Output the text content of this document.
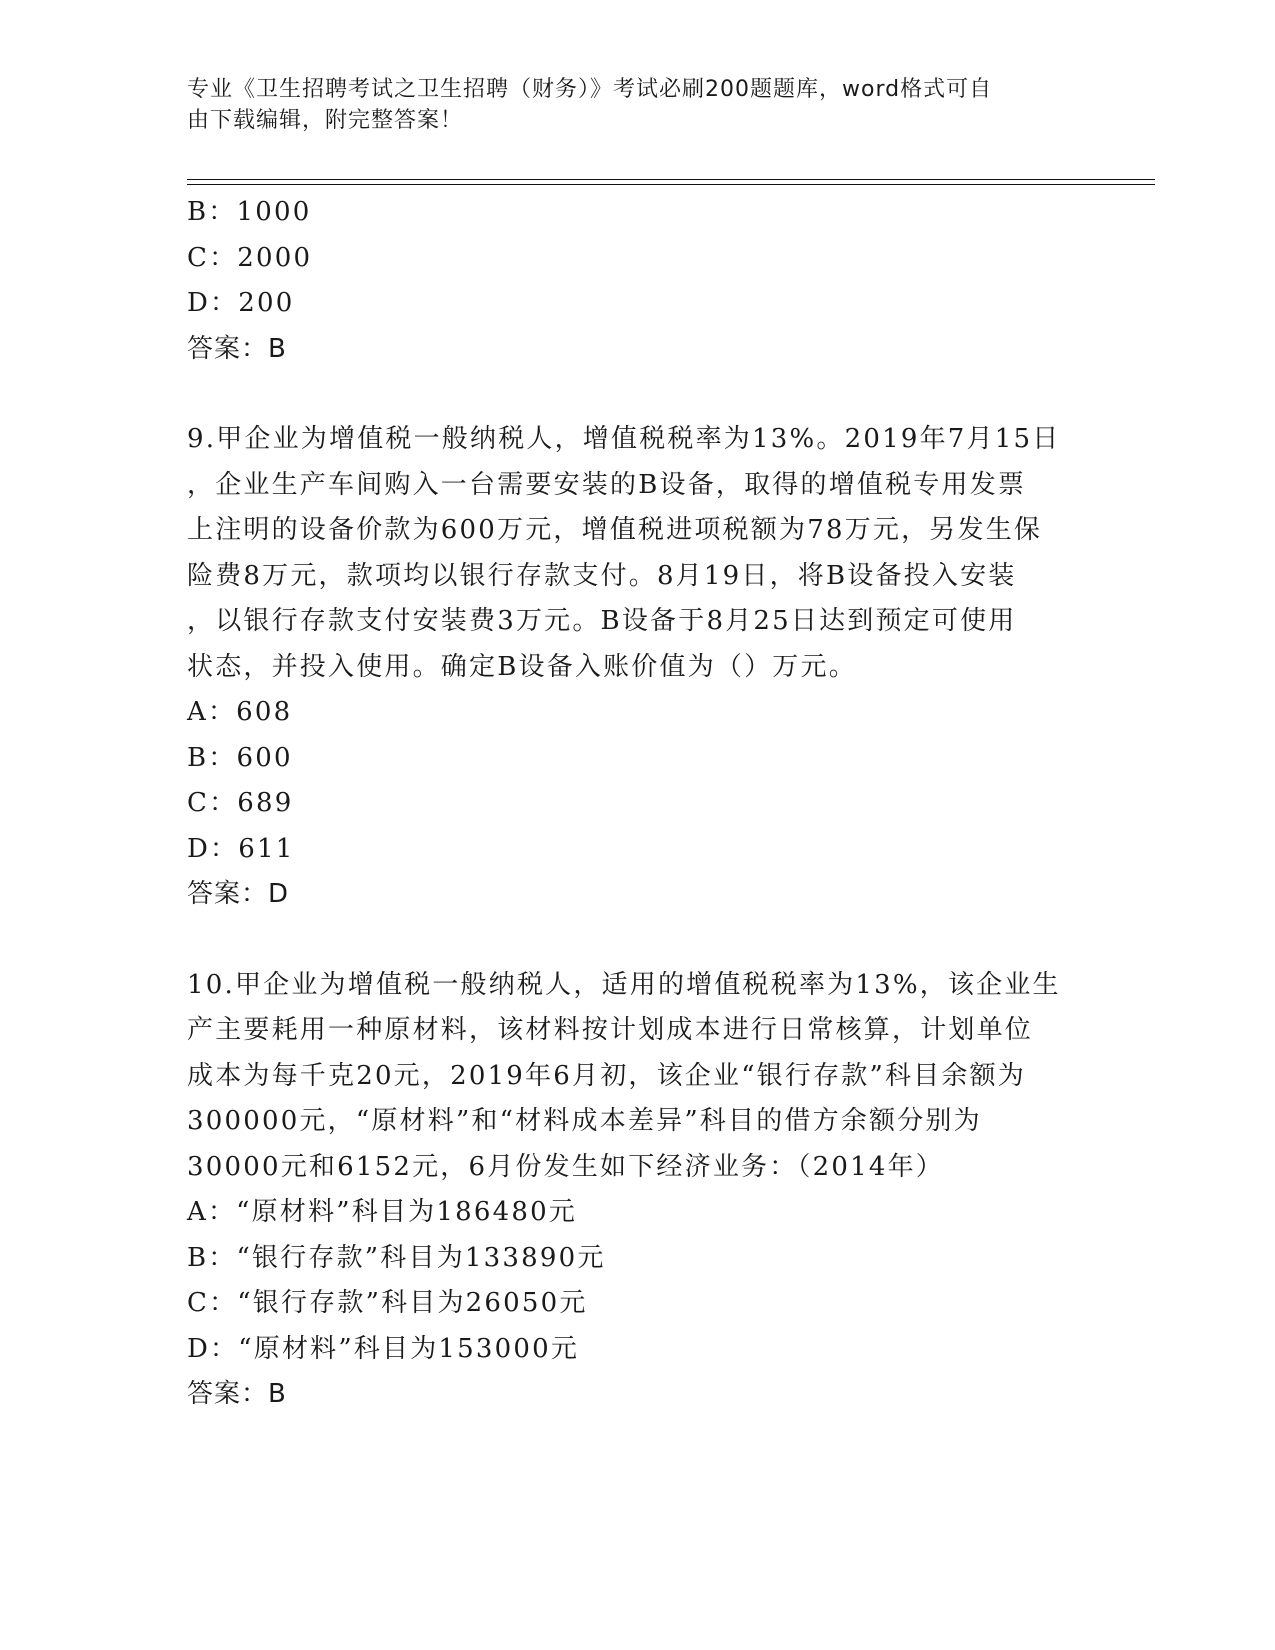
专业《卫生招聘考试之卫生招聘（财务）》考试必刷200题题库，word格式可自
由下载编辑，附完整答案！
B：1000
C：2000
D：200
答案：B
9.甲企业为增值税一般纳税人，增值税税率为13%。2019年7月15日
，企业生产车间购入一台需要安装的B设备，取得的增值税专用发票
上注明的设备价款为600万元，增值税进项税额为78万元，另发生保
险费8万元，款项均以银行存款支付。8月19日，将B设备投入安装
，以银行存款支付安装费3万元。B设备于8月25日达到预定可使用
状态，并投入使用。确定B设备入账价值为（）万元。
A：608
B：600
C：689
D：611
答案：D
10.甲企业为增值税一般纳税人，适用的增值税税率为13%，该企业生
产主要耗用一种原材料，该材料按计划成本进行日常核算，计划单位
成本为每千克20元，2019年6月初，该企业“银行存款”科目余额为
300000元，“原材料”和“材料成本差异”科目的借方余额分别为
30000元和6152元，6月份发生如下经济业务：（2014年）
A：“原材料”科目为186480元
B：“银行存款”科目为133890元
C：“银行存款”科目为26050元
D：“原材料”科目为153000元
答案：B
